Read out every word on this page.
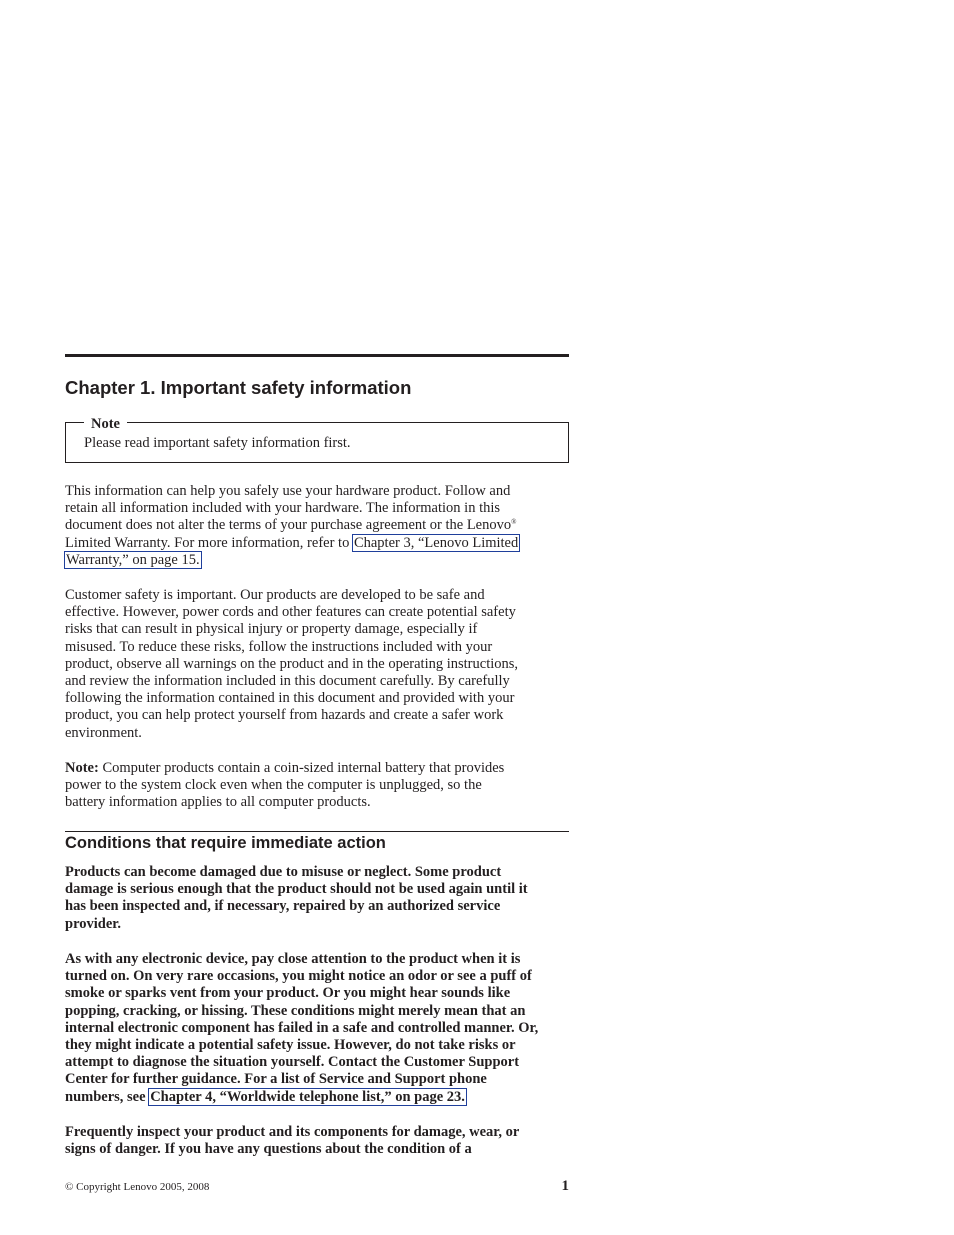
Chapter 1. Important safety information
Note
Please read important safety information first.

This information can help you safely use your hardware product. Follow and
retain all information included with your hardware. The information in this
document does not alter the terms of your purchase agreement or the Lenovo®
Limited Warranty. For more information, refer to Chapter 3, “Lenovo Limited
Warranty,” on page 15.

Customer safety is important. Our products are developed to be safe and
effective. However, power cords and other features can create potential safety
risks that can result in physical injury or property damage, especially if
misused. To reduce these risks, follow the instructions included with your
product, observe all warnings on the product and in the operating instructions,
and review the information included in this document carefully. By carefully
following the information contained in this document and provided with your
product, you can help protect yourself from hazards and create a safer work
environment.

Note: Computer products contain a coin-sized internal battery that provides
power to the system clock even when the computer is unplugged, so the
battery information applies to all computer products.

Conditions that require immediate action

Products can become damaged due to misuse or neglect. Some product
damage is serious enough that the product should not be used again until it
has been inspected and, if necessary, repaired by an authorized service
provider.

As with any electronic device, pay close attention to the product when it is
turned on. On very rare occasions, you might notice an odor or see a puff of
smoke or sparks vent from your product. Or you might hear sounds like
popping, cracking, or hissing. These conditions might merely mean that an
internal electronic component has failed in a safe and controlled manner. Or,
they might indicate a potential safety issue. However, do not take risks or
attempt to diagnose the situation yourself. Contact the Customer Support
Center for further guidance. For a list of Service and Support phone
numbers, see Chapter 4, “Worldwide telephone list,” on page 23.

Frequently inspect your product and its components for damage, wear, or
signs of danger. If you have any questions about the condition of a

© Copyright Lenovo 2005, 2008	1
